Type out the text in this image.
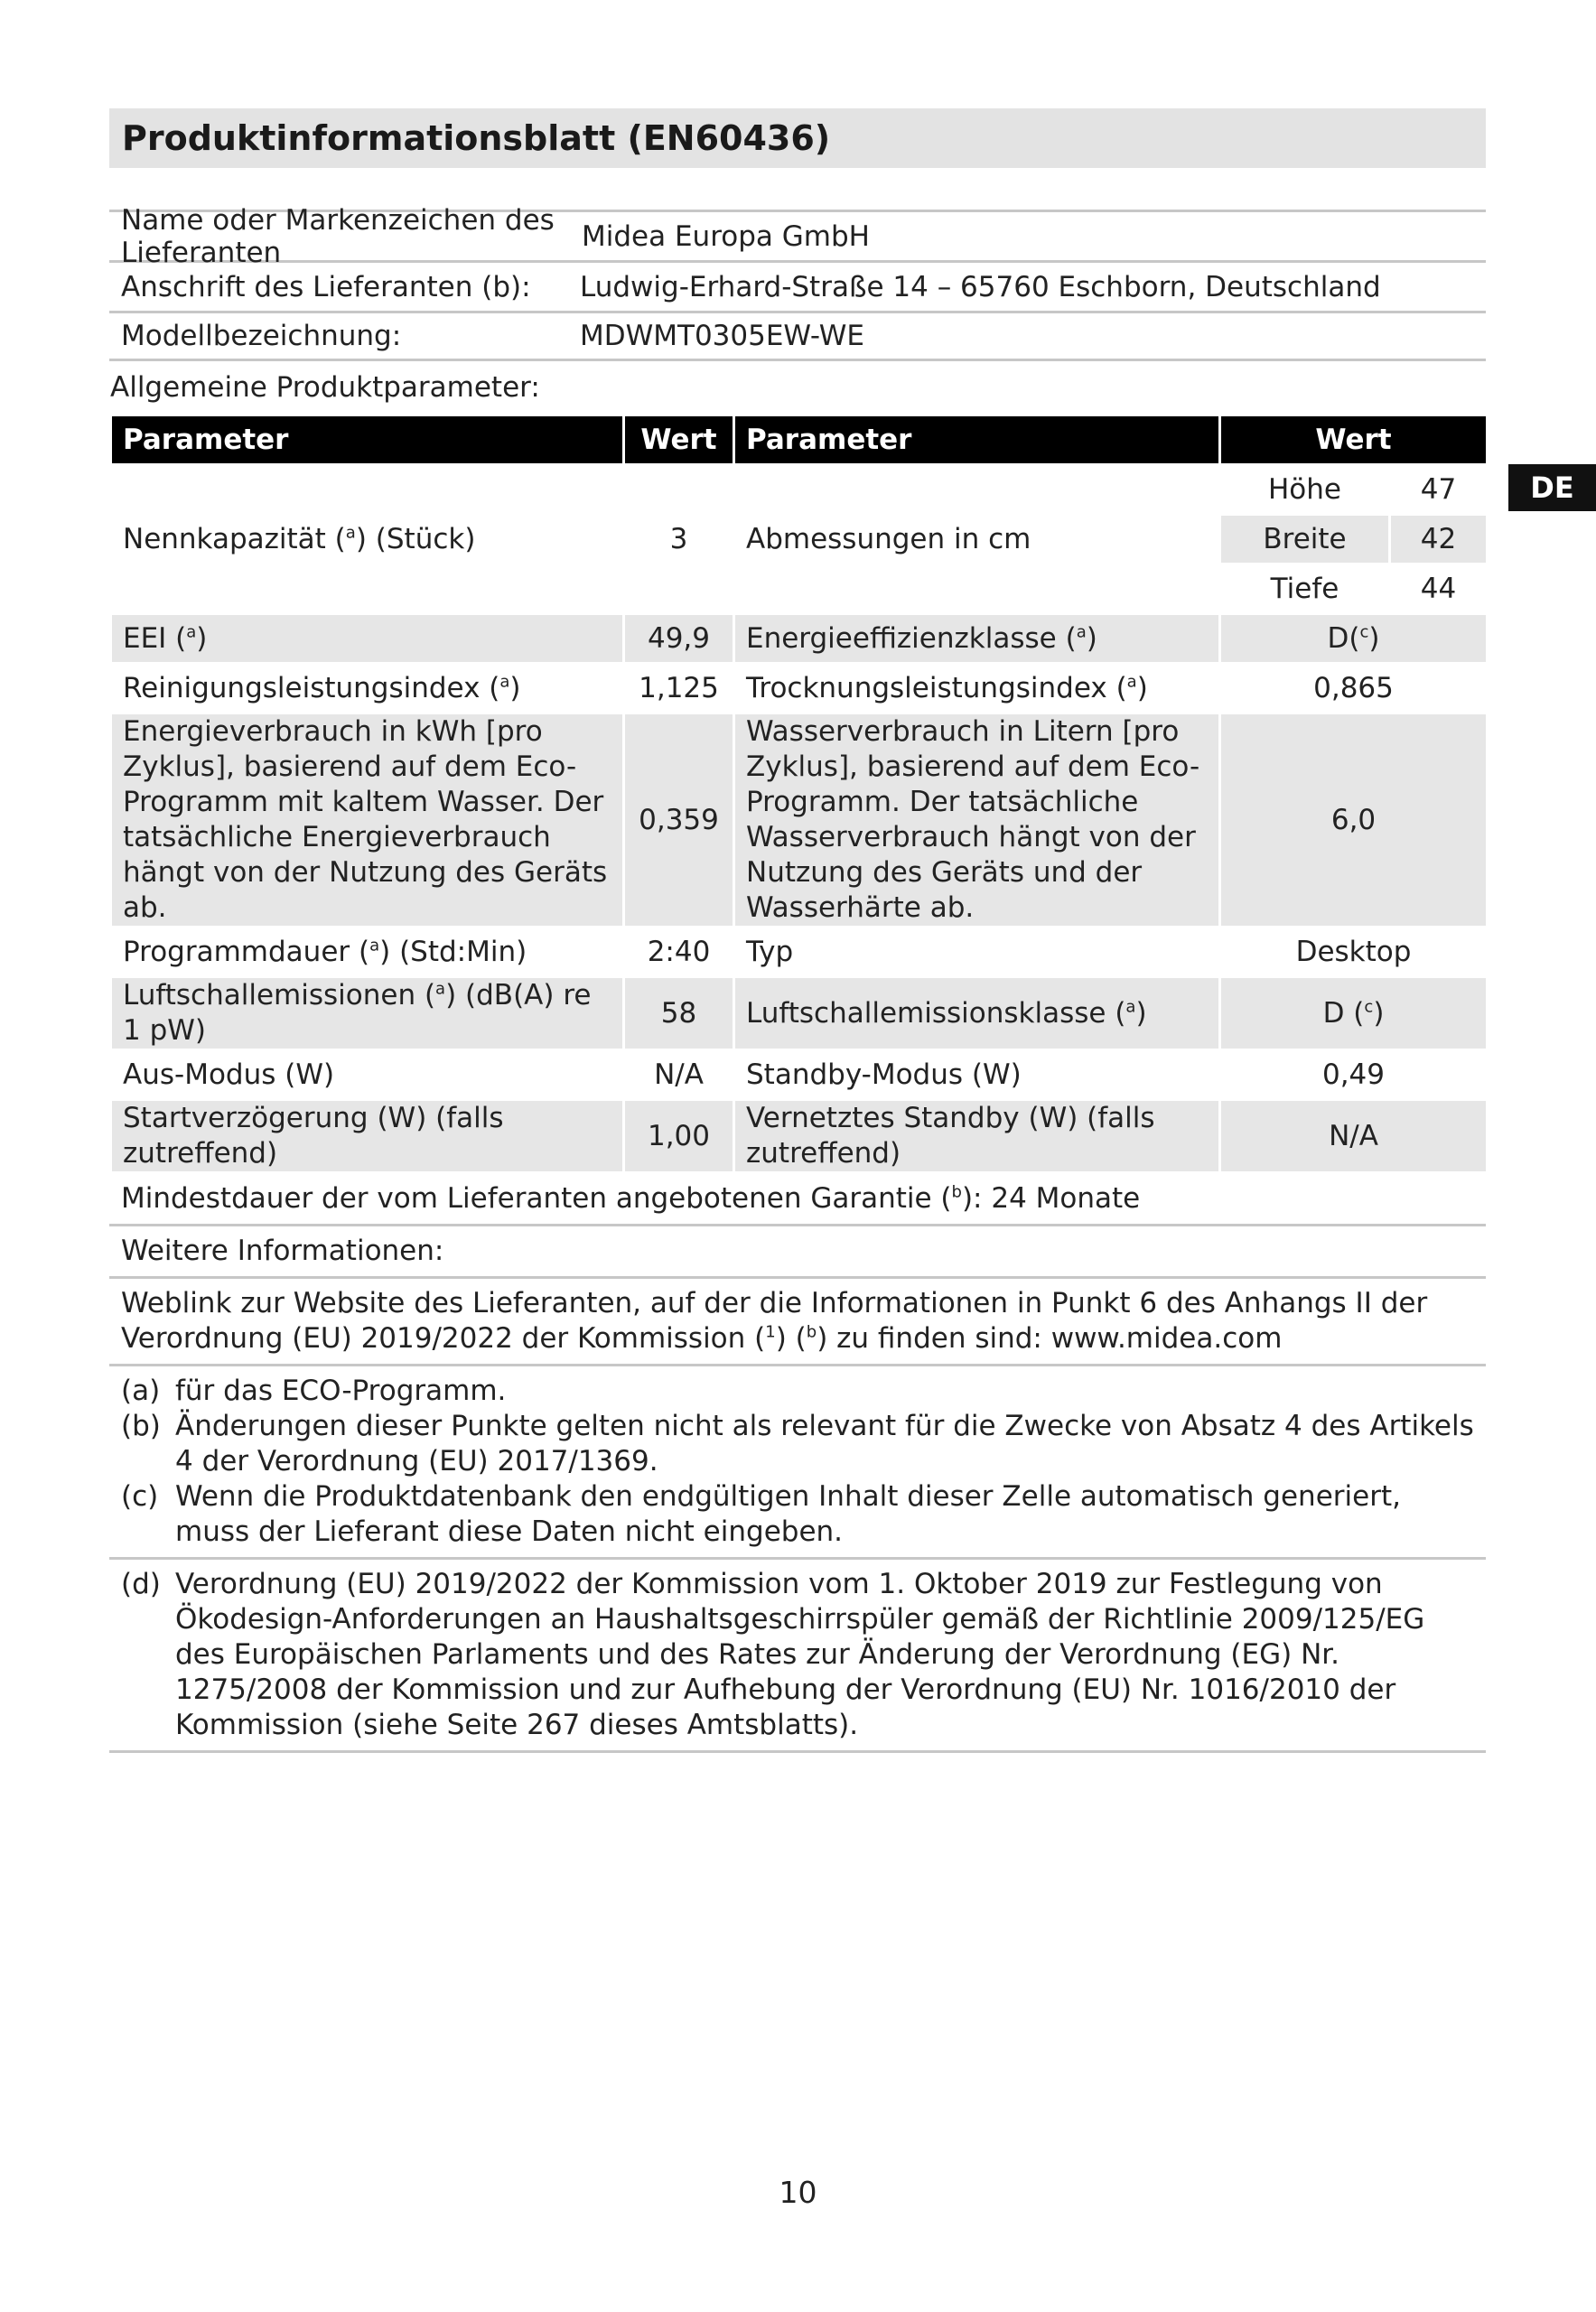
Produktinformationsblatt (EN60436)
Name oder Markenzeichen des Lieferanten	Midea Europa GmbH
Anschrift des Lieferanten (b):	Ludwig-Erhard-Straße 14 – 65760 Eschborn, Deutschland
Modellbezeichnung:	MDWMT0305EW-WE
Allgemeine Produktparameter:
Parameter	Wert	Parameter	Wert	
Nennkapazität ($^a$) (Stück)	3	Abmessungen in cm	Höhe	47
			Breite	42
			Tiefe	44
EEI ($^a$)	49,9	Energieeffizienzklasse ($^a$)	D($^c$)	
Reinigungsleistungsindex ($^a$)	1,125	Trocknungsleistungsindex ($^a$)	0,865	
Energieverbrauch in kWh [pro Zyklus], basierend auf dem Eco-Programm mit kaltem Wasser. Der tatsächliche Energieverbrauch hängt von der Nutzung des Geräts ab.	0,359	Wasserverbrauch in Litern [pro Zyklus], basierend auf dem Eco-Programm. Der tatsächliche Wasserverbrauch hängt von der Nutzung des Geräts und der Wasserhärte ab.	6,0	
Programmdauer ($^a$) (Std:Min)	2:40	Typ	Desktop	
Luftschallemissionen ($^a$) (dB(A) re 1 pW)	58	Luftschallemissionsklasse ($^a$)	D ($^c$)	
Aus-Modus (W)	N/A	Standby-Modus (W)	0,49	
Startverzögerung (W) (falls zutreffend)	1,00	Vernetztes Standby (W) (falls zutreffend)	N/A	
Mindestdauer der vom Lieferanten angebotenen Garantie ($^b$): 24 Monate
Weitere Informationen:
Weblink zur Website des Lieferanten, auf der die Informationen in Punkt 6 des Anhangs II der Verordnung (EU) 2019/2022 der Kommission ($^1$) ($^b$) zu finden sind: www.midea.com
(a) für das ECO-Programm.
(b) Änderungen dieser Punkte gelten nicht als relevant für die Zwecke von Absatz 4 des Artikels 4 der Verordnung (EU) 2017/1369.
(c) Wenn die Produktdatenbank den endgültigen Inhalt dieser Zelle automatisch generiert, muss der Lieferant diese Daten nicht eingeben.
(d) Verordnung (EU) 2019/2022 der Kommission vom 1. Oktober 2019 zur Festlegung von Ökodesign-Anforderungen an Haushaltsgeschirrspüler gemäß der Richtlinie 2009/125/EG des Europäischen Parlaments und des Rates zur Änderung der Verordnung (EG) Nr. 1275/2008 der Kommission und zur Aufhebung der Verordnung (EU) Nr. 1016/2010 der Kommission (siehe Seite 267 dieses Amtsblatts).
DE
10
